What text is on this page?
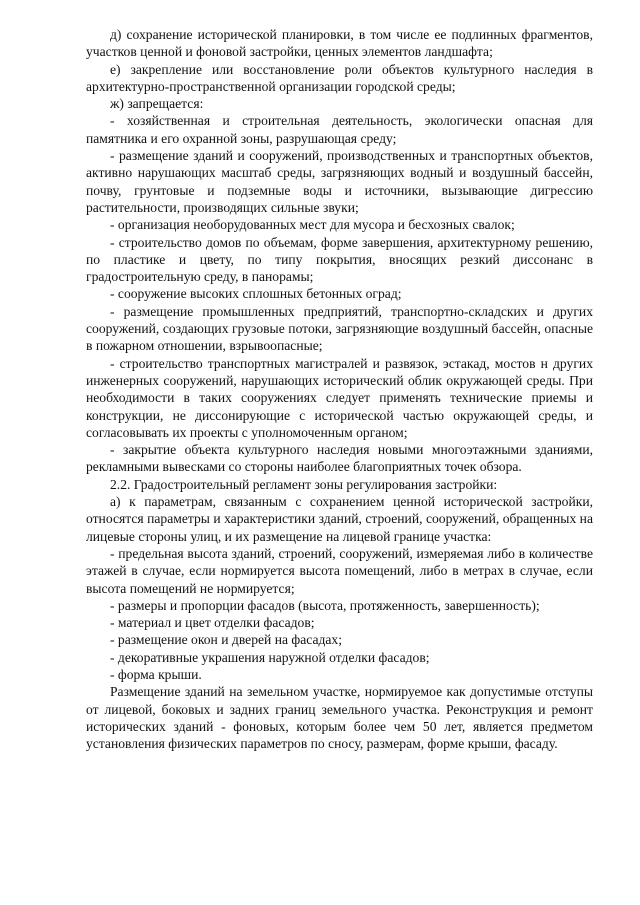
д) сохранение исторической планировки, в том числе ее подлинных фрагментов, участков ценной и фоновой застройки, ценных элементов ландшафта;

е) закрепление или восстановление роли объектов культурного наследия в архитектурно-пространственной организации городской среды;

ж) запрещается:

- хозяйственная и строительная деятельность, экологически опасная для памятника и его охранной зоны, разрушающая среду;

- размещение зданий и сооружений, производственных и транспортных объектов, активно нарушающих масштаб среды, загрязняющих водный и воздушный бассейн, почву, грунтовые и подземные воды и источники, вызывающие дигрессию растительности, производящих сильные звуки;

- организация необорудованных мест для мусора и бесхозных свалок;

- строительство домов по объемам, форме завершения, архитектурному решению, по пластике и цвету, по типу покрытия, вносящих резкий диссонанс в градостроительную среду, в панорамы;

- сооружение высоких сплошных бетонных оград;

- размещение промышленных предприятий, транспортно-складских и других сооружений, создающих грузовые потоки, загрязняющие воздушный бассейн, опасные в пожарном отношении, взрывоопасные;

- строительство транспортных магистралей и развязок, эстакад, мостов н других инженерных сооружений, нарушающих исторический облик окружающей среды. При необходимости в таких сооружениях следует применять технические приемы и конструкции, не диссонирующие с исторической частью окружающей среды, и согласовывать их проекты с уполномоченным органом;

- закрытие объекта культурного наследия новыми многоэтажными зданиями, рекламными вывесками со стороны наиболее благоприятных точек обзора.

2.2. Градостроительный регламент зоны регулирования застройки:

а) к параметрам, связанным с сохранением ценной исторической застройки, относятся параметры и характеристики зданий, строений, сооружений, обращенных на лицевые стороны улиц, и их размещение на лицевой границе участка:

- предельная высота зданий, строений, сооружений, измеряемая либо в количестве этажей в случае, если нормируется высота помещений, либо в метрах в случае, если высота помещений не нормируется;

- размеры и пропорции фасадов (высота, протяженность, завершенность);

- материал и цвет отделки фасадов;

- размещение окон и дверей на фасадах;

- декоративные украшения наружной отделки фасадов;

- форма крыши.

Размещение зданий на земельном участке, нормируемое как допустимые отступы от лицевой, боковых и задних границ земельного участка. Реконструкция и ремонт исторических зданий - фоновых, которым более чем 50 лет, является предметом установления физических параметров по сносу, размерам, форме крыши, фасаду.
